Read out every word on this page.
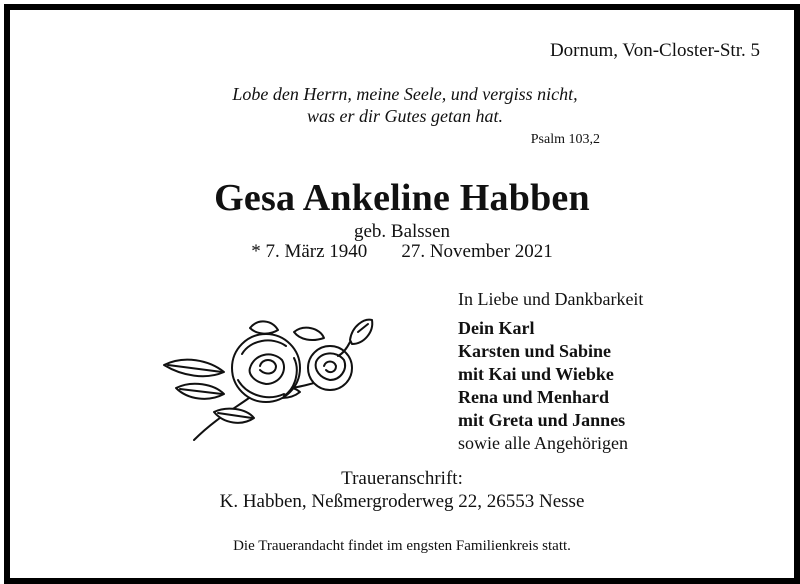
Dornum, Von-Closter-Str. 5
Lobe den Herrn, meine Seele, und vergiss nicht,
was er dir Gutes getan hat.
Psalm 103,2
Gesa Ankeline Habben
geb. Balssen
* 7. März 1940 27. November 2021
In Liebe und Dankbarkeit
Dein Karl
Karsten und Sabine
mit Kai und Wiebke
Rena und Menhard
mit Greta und Jannes
sowie alle Angehörigen
Traueranschrift:
K. Habben, Neßmergroderweg 22, 26553 Nesse
Die Trauerandacht findet im engsten Familienkreis statt.
